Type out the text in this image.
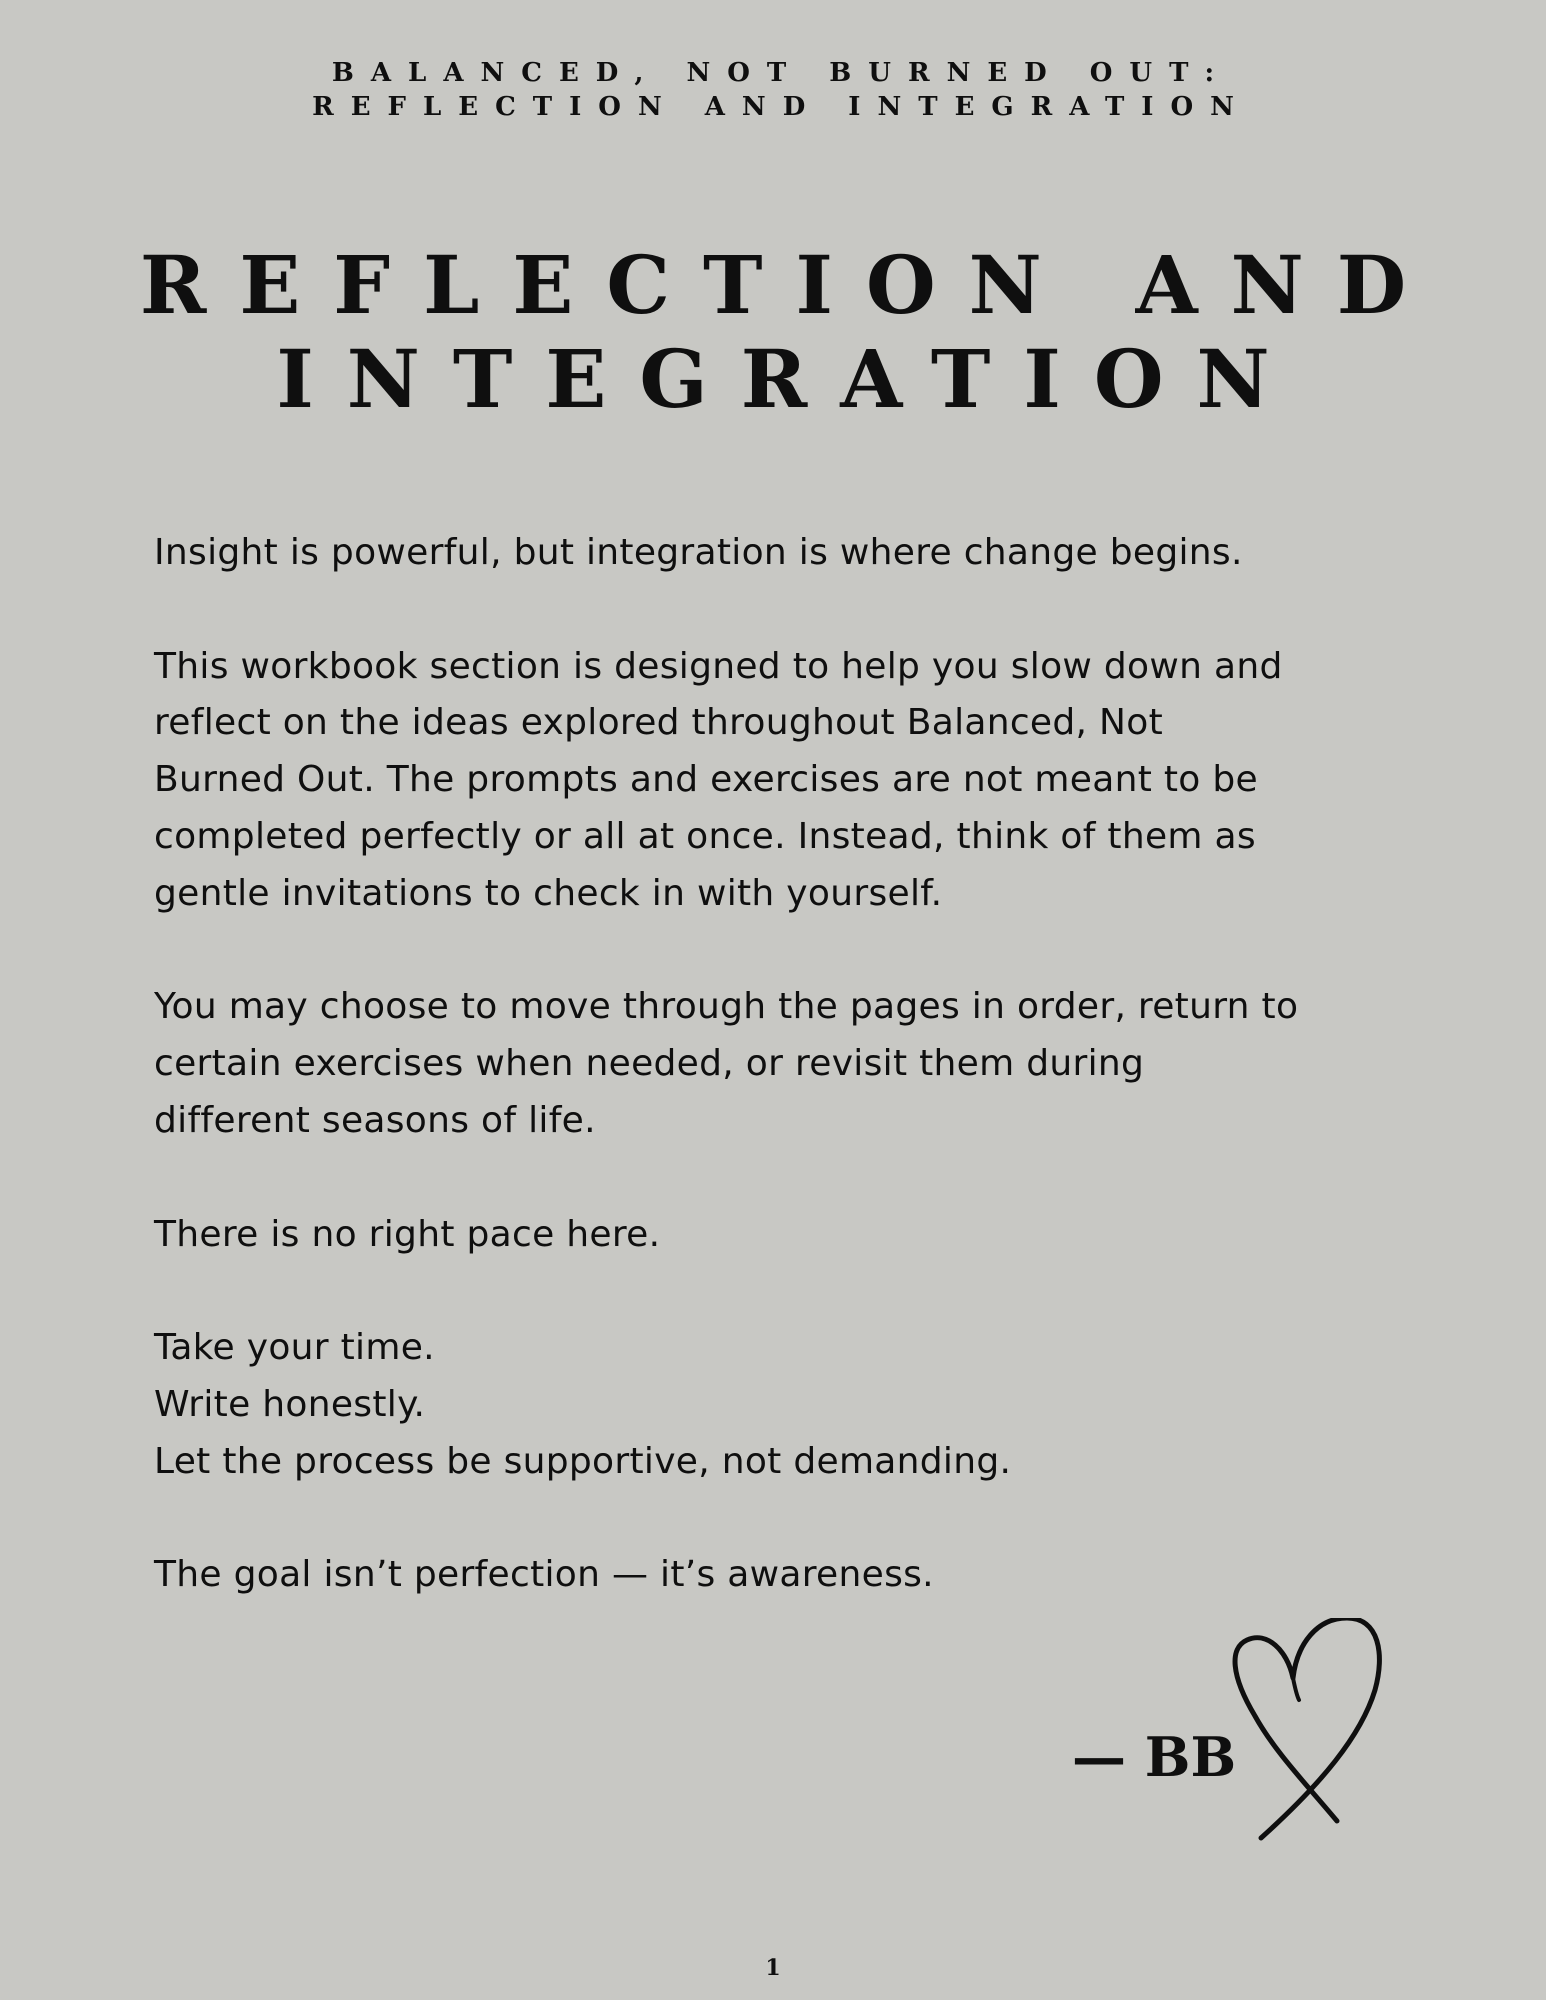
BALANCED, NOT BURNED OUT:
REFLECTION AND INTEGRATION
REFLECTION AND
INTEGRATION
Insight is powerful, but integration is where change begins.
This workbook section is designed to help you slow down and
reflect on the ideas explored throughout Balanced, Not
Burned Out. The prompts and exercises are not meant to be
completed perfectly or all at once. Instead, think of them as
gentle invitations to check in with yourself.
You may choose to move through the pages in order, return to
certain exercises when needed, or revisit them during
different seasons of life.
There is no right pace here.
Take your time.
Write honestly.
Let the process be supportive, not demanding.
The goal isn’t perfection — it’s awareness.
— BB
1
